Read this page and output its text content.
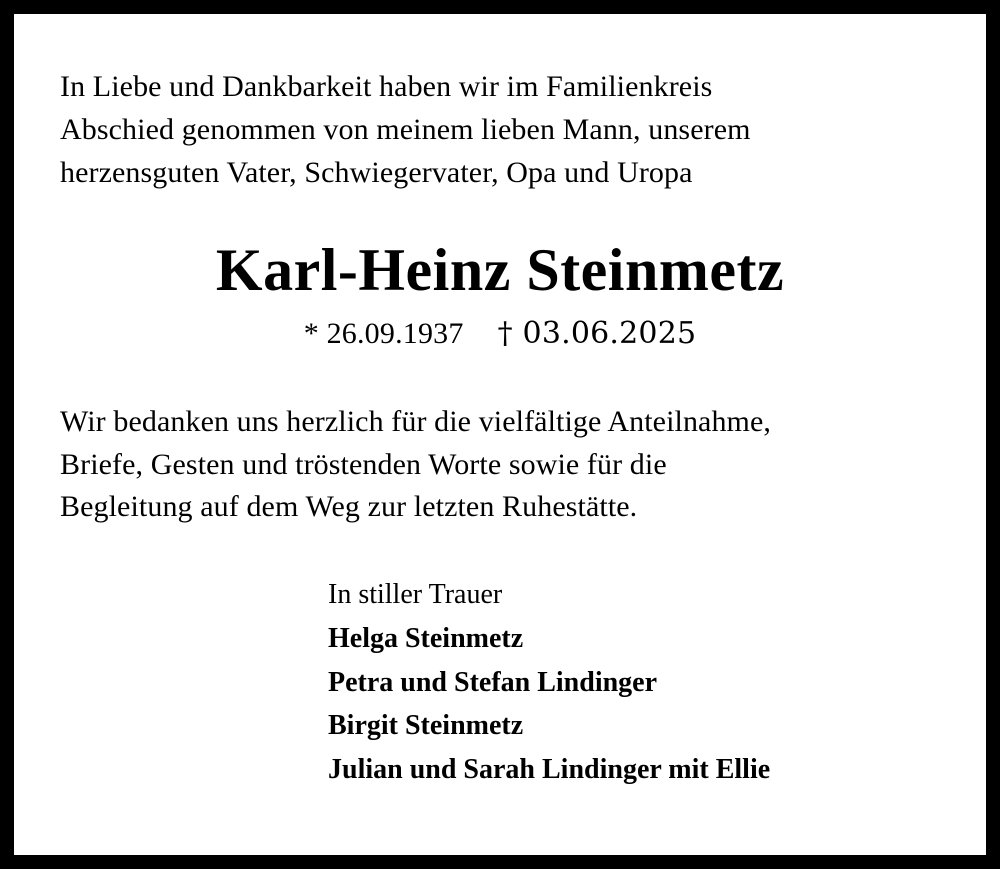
In Liebe und Dankbarkeit haben wir im Familienkreis
Abschied genommen von meinem lieben Mann, unserem
herzensguten Vater, Schwiegervater, Opa und Uropa
Karl-Heinz Steinmetz
* 26.09.1937 † 03.06.2025
Wir bedanken uns herzlich für die vielfältige Anteilnahme,
Briefe, Gesten und tröstenden Worte sowie für die
Begleitung auf dem Weg zur letzten Ruhestätte.
In stiller Trauer
Helga Steinmetz
Petra und Stefan Lindinger
Birgit Steinmetz
Julian und Sarah Lindinger mit Ellie
